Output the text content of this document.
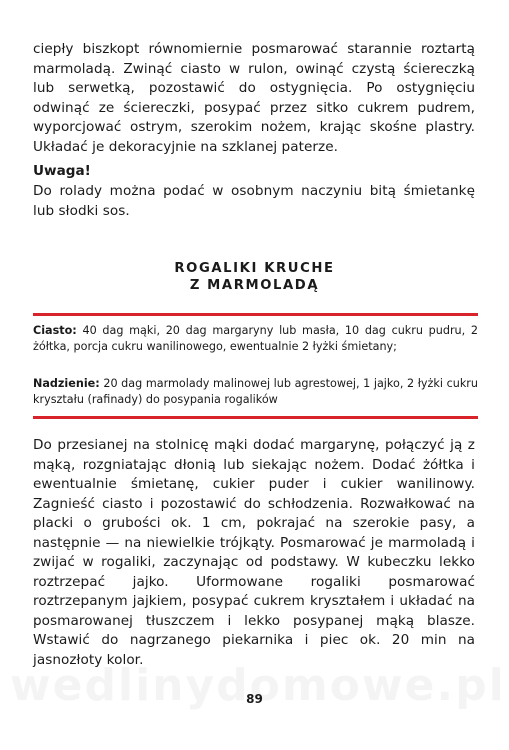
ciepły biszkopt równomiernie posmarować starannie roztartą marmoladą. Zwinąć ciasto w rulon, owinąć czystą ściereczką lub serwetką, pozostawić do ostygnięcia. Po ostygnięciu odwinąć ze ściereczki, posypać przez sitko cukrem pudrem, wyporcjować ostrym, szerokim nożem, krając skośne plastry. Układać je dekoracyjnie na szklanej paterze.

Uwaga!

Do rolady można podać w osobnym naczyniu bitą śmietankę lub słodki sos.

ROGALIKI KRUCHE

Z MARMOLADĄ

Ciasto: 40 dag mąki, 20 dag margaryny lub masła, 10 dag cukru pudru, 2 żółtka, porcja cukru wanilinowego, ewentualnie 2 łyżki śmietany;

Nadzienie: 20 dag marmolady malinowej lub agrestowej, 1 jajko, 2 łyżki cukru kryształu (rafinady) do posypania rogalików

Do przesianej na stolnicę mąki dodać margarynę, połączyć ją z mąką, rozgniatając dłonią lub siekając nożem. Dodać żółtka i ewentualnie śmietanę, cukier puder i cukier wanilinowy. Zagnieść ciasto i pozostawić do schłodzenia. Rozwałkować na placki o grubości ok. 1 cm, pokrajać na szerokie pasy, a następnie — na niewielkie trójkąty. Posmarować je marmoladą i zwijać w rogaliki, zaczynając od podstawy. W kubeczku lekko roztrzepać jajko. Uformowane rogaliki posmarować roztrzepanym jajkiem, posypać cukrem kryształem i układać na posmarowanej tłuszczem i lekko posypanej mąką blasze. Wstawić do nagrzanego piekarnika i piec ok. 20 min na jasnozłoty kolor.

89
